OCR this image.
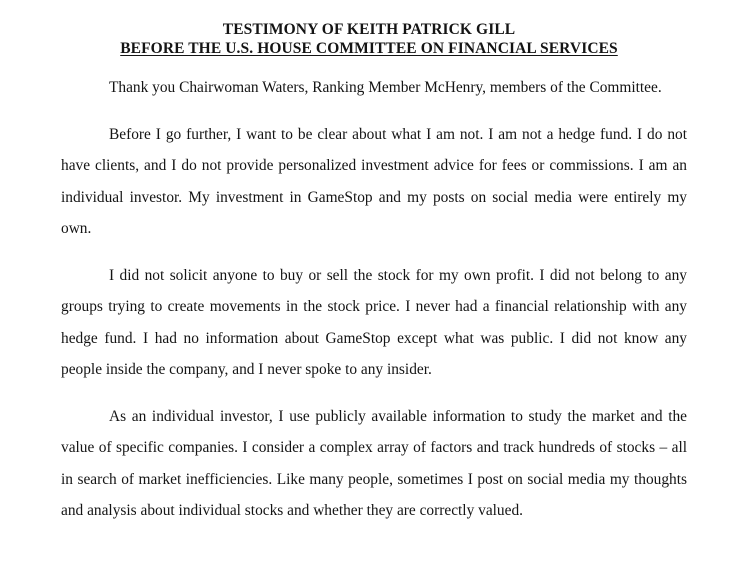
TESTIMONY OF KEITH PATRICK GILL
BEFORE THE U.S. HOUSE COMMITTEE ON FINANCIAL SERVICES

Thank you Chairwoman Waters, Ranking Member McHenry, members of the Committee.

Before I go further, I want to be clear about what I am not. I am not a hedge fund. I do not have clients, and I do not provide personalized investment advice for fees or commissions. I am an individual investor. My investment in GameStop and my posts on social media were entirely my own.

I did not solicit anyone to buy or sell the stock for my own profit. I did not belong to any groups trying to create movements in the stock price. I never had a financial relationship with any hedge fund. I had no information about GameStop except what was public. I did not know any people inside the company, and I never spoke to any insider.

As an individual investor, I use publicly available information to study the market and the value of specific companies. I consider a complex array of factors and track hundreds of stocks – all in search of market inefficiencies. Like many people, sometimes I post on social media my thoughts and analysis about individual stocks and whether they are correctly valued.
